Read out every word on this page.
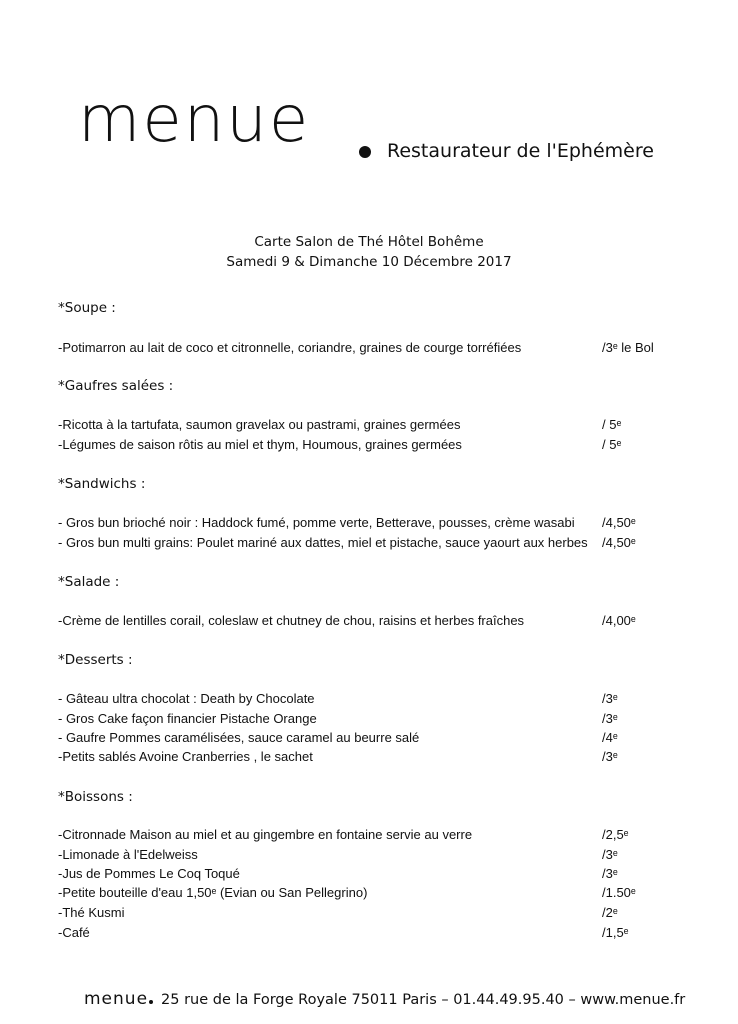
menue	Restaurateur de l'Ephémère
Carte Salon de Thé Hôtel Bohême
Samedi 9 & Dimanche 10 Décembre 2017
*Soupe :
-Potimarron au lait de coco et citronnelle, coriandre, graines de courge torréfiées	/3ᵉ le Bol
*Gaufres salées :
-Ricotta à la tartufata, saumon gravelax ou pastrami, graines germées	/ 5ᵉ
-Légumes de saison rôtis au miel et thym, Houmous, graines germées	/ 5ᵉ
*Sandwichs :
- Gros bun brioché noir : Haddock fumé, pomme verte, Betterave, pousses, crème wasabi /4,50ᵉ
- Gros bun multi grains: Poulet mariné aux dattes, miel et pistache, sauce yaourt aux herbes /4,50ᵉ
*Salade :
-Crème de lentilles corail, coleslaw et chutney de chou, raisins et herbes fraîches	/4,00ᵉ
*Desserts :
- Gâteau ultra chocolat : Death by Chocolate	/3ᵉ
- Gros Cake façon financier Pistache Orange	/3ᵉ
- Gaufre Pommes caramélisées, sauce caramel au beurre salé	/4ᵉ
-Petits sablés Avoine Cranberries , le sachet	/3ᵉ
*Boissons :
-Citronnade Maison au miel et au gingembre en fontaine servie au verre	/2,5ᵉ
-Limonade à l'Edelweiss	/3ᵉ
-Jus de Pommes Le Coq Toqué	/3ᵉ
-Petite bouteille d'eau 1,50ᵉ (Evian ou San Pellegrino)	/1.50ᵉ
-Thé Kusmi	/2ᵉ
-Café	/1,5ᵉ
menue 25 rue de la Forge Royale 75011 Paris – 01.44.49.95.40 – www.menue.fr
